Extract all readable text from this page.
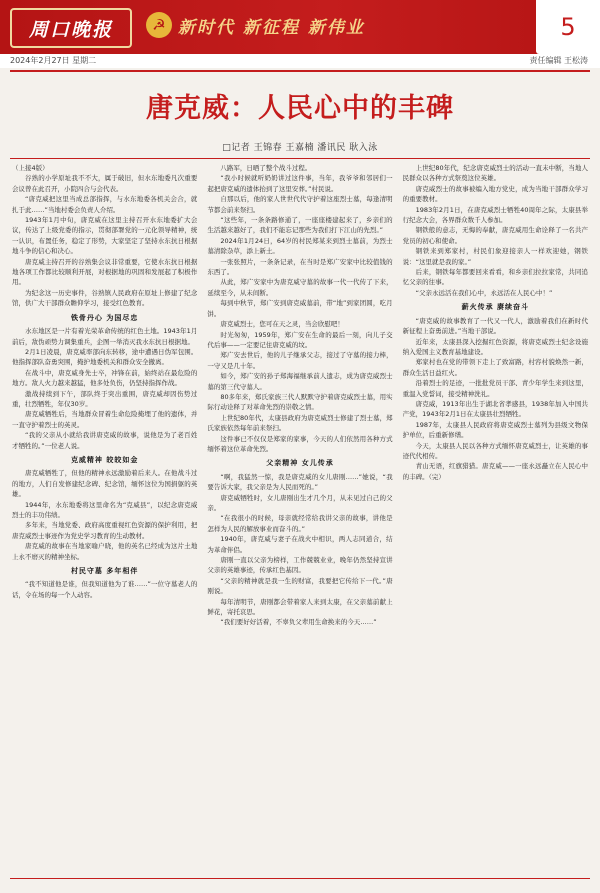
周口晚报	☭ 新时代 新征程 新伟业	5
2024年2月27日 星期二	责任编辑 王松涛
唐克威：人民心中的丰碑
□记者 王锦春 王嘉楠 潘讯民 耿入泳

（上接4版）

谷熟的小学原址我不不大，属于破旧，但水东地委凡次重要会议曾在此召开，小院四合与会代表。

“唐克威把这里当成总部指挥，与水东地委各机关会合，就扎于此……”当地村委会负责人介绍。

1943年1月中旬，唐克威在这里主持召开水东地委扩大会议，传达了上级党委的指示，贯彻部署党的一元化领导精神，统一认识，布置任务，稳定了形势，大家坚定了坚持水东抗日根据地斗争的信心和决心。

唐克威主持召开的谷熟集会议非常重要，它使水东抗日根据地各项工作都比较顺利开展，对根据地的巩固和发展起了积极作用。

为纪念这一历史事件，谷熟镇人民政府在原址上修建了纪念馆，供广大干部群众瞻仰学习，接受红色教育。

铁骨丹心 为国尽忠

水东地区是一片有着光荣革命传统的红色土地。1943年1月前后，敌伪顽势力调集重兵，企图一举消灭我水东抗日根据地。

2月1日凌晨，唐克威率部向东转移，途中遭遇日伪军包围。他指挥部队奋勇突围，掩护地委机关和群众安全撤离。

在战斗中，唐克威身先士卒，冲锋在前，始终站在最危险的地方。敌人火力越来越猛，他多处负伤，仍坚持指挥作战。

激战持续到下午，部队终于突出重围，唐克威却因伤势过重，壮烈牺牲，年仅30岁。

唐克威牺牲后，当地群众冒着生命危险掩埋了他的遗体，并一直守护着烈士的英灵。

“我的父亲从小就给我讲唐克威的故事，说他是为了老百姓才牺牲的。”一位老人说。

克威精神 皎皎如金

唐克威牺牲了，但他的精神永远激励着后来人。在他战斗过的地方，人们自发修建纪念碑、纪念馆，缅怀这位为国捐躯的英雄。

1944年，水东地委将这里命名为“克威县”，以纪念唐克威烈士的丰功伟绩。

多年来，当地党委、政府高度重视红色资源的保护利用，把唐克威烈士事迹作为党史学习教育的生动教材。

唐克威的故事在当地家喻户晓，他的英名已经成为这片土地上永不磨灭的精神坐标。

村民守墓 多年相伴

“我不知道他是谁，但我知道他为了谁……”一位守墓老人的话，令在场的每一个人动容。

八路军，日晒了整个战斗过程。

“我小时候就听奶奶讲过这件事，当年，我爷爷和邻居们一起把唐克威的遗体抬到了这里安葬。”村民说。

自那以后，他的家人世世代代守护着这座烈士墓，每逢清明节都会前来祭扫。

“这些年，一条条路修通了，一座座楼建起来了，乡亲们的生活越来越好了，我们不能忘记那些为我们打下江山的先烈。”

2024年1月24日，64岁的村民郑某来到烈士墓前，为烈士墓清除杂草，添上新土。

一张张照片，一条条记录，在当时是郑广安家中比较值钱的东西了。

从此，郑广安家中为唐克威守墓的故事一代一代传了下来，延续至今，从未间断。

每到中秋节，郑广安到唐克威墓前，带“地”到家团圆，吃月饼。

唐克威烈士，您可在天之灵，当会欣慰吧！

时光匆匆，1959年，郑广安在生命的最后一刻，向儿子交代后事——一定要记住唐克威的坟。

郑广安去世后，他的儿子继承父志，接过了守墓的接力棒，一守又是几十年。

如今，郑广安的孙子郑海福继承前人遗志，成为唐克威烈士墓的第三代守墓人。

80多年来，郑氏家族三代人默默守护着唐克威烈士墓，用实际行动诠释了对革命先烈的崇敬之情。

上世纪80年代，太康县政府为唐克威烈士修建了烈士墓，郑氏家族依然每年前来祭扫。

这件事已不仅仅是郑家的家事，今天的人们依然用各种方式缅怀着这位革命先烈。

父亲精神 女儿传承

“啊，我猛然一惊，我是唐克威的女儿唐刚……”她说，“我要告诉大家，我父亲是为人民而死的。”

唐克威牺牲时，女儿唐刚出生才几个月，从未见过自己的父亲。

“在我很小的时候，母亲就经常给我讲父亲的故事，讲他是怎样为人民的解放事业而奋斗的。”

1940年，唐克威与妻子在战火中相识，两人志同道合，结为革命伴侣。

唐刚一直以父亲为榜样，工作兢兢业业，晚年仍然坚持宣讲父亲的英雄事迹，传承红色基因。

“父亲的精神就是我一生的财富，我要把它传给下一代。”唐刚说。

每年清明节，唐刚都会带着家人来到太康，在父亲墓前献上鲜花，寄托哀思。

“我们要好好活着，不辜负父辈用生命换来的今天……”

上世纪80年代，纪念唐克威烈士的活动一直未中断，当地人民群众以各种方式祭奠这位英雄。

唐克威烈士的故事被编入地方党史，成为当地干部群众学习的重要教材。

1983年2月1日，在唐克威烈士牺牲40周年之际，太康县举行纪念大会，各界群众数千人参加。

钢铁般的意志，无悔的奉献，唐克威用生命诠释了一名共产党员的初心和使命。

钢铁来到郑家村，村民们象迎接亲人一样欢迎她，钢铁说：“这里就是我的家。”

后来，钢铁每年都要回来看看，和乡亲们拉拉家常，共同追忆父亲的往事。

“父亲永远活在我们心中，永远活在人民心中！”

薪火传承 赓续奋斗

“唐克威的故事教育了一代又一代人，激励着我们在新时代新征程上奋勇前进。”当地干部说。

近年来，太康县深入挖掘红色资源，将唐克威烈士纪念设施纳入爱国主义教育基地建设。

郑家村也在党的带领下走上了致富路，村容村貌焕然一新，群众生活日益红火。

沿着烈士的足迹，一批批党员干部、青少年学生来到这里，重温入党誓词，接受精神洗礼。

唐克威，1913年出生于湖北省孝感县，1938年加入中国共产党，1943年2月1日在太康县壮烈牺牲。

1987年，太康县人民政府将唐克威烈士墓列为县级文物保护单位，后重新修缮。

今天，太康县人民以各种方式缅怀唐克威烈士，让英雄的事迹代代相传。

青山无语，红旗猎猎。唐克威——一座永远矗立在人民心中的丰碑。（完）
